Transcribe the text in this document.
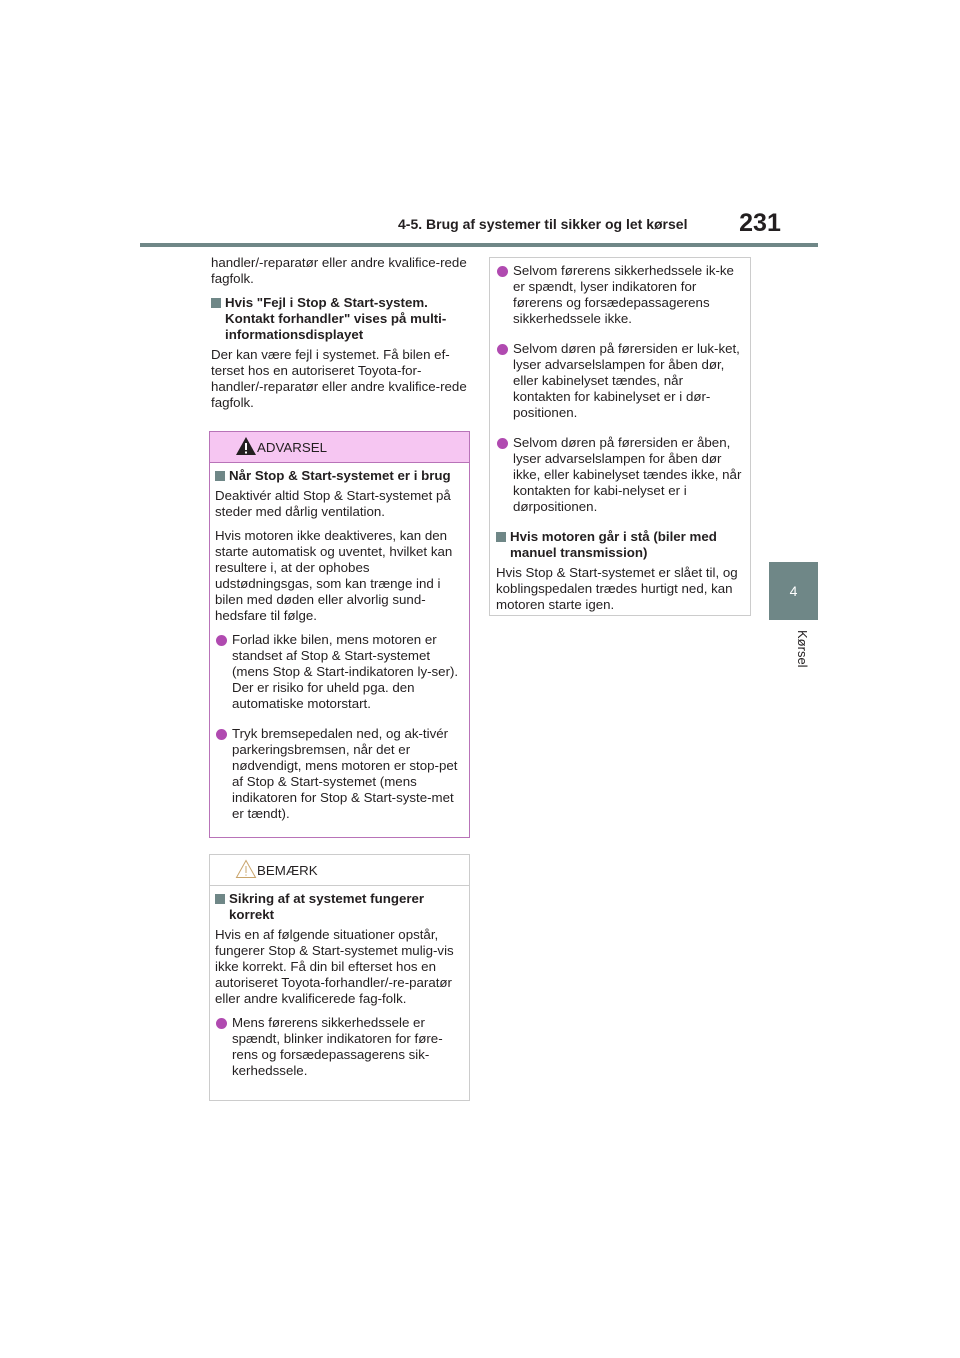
4-5. Brug af systemer til sikker og let kørsel	231
4
Kørsel

handler/-reparatør eller andre kvalifice-rede fagfolk.

Hvis "Fejl i Stop & Start-system. Kontakt forhandler" vises på multi-informationsdisplayet

Der kan være fejl i systemet. Få bilen ef-terset hos en autoriseret Toyota-for-handler/-reparatør eller andre kvalifice-rede fagfolk.

ADVARSEL
Når Stop & Start-systemet er i brug

Deaktivér altid Stop & Start-systemet på steder med dårlig ventilation.

Hvis motoren ikke deaktiveres, kan den starte automatisk og uventet, hvilket kan resultere i, at der ophobes udstødningsgas, som kan trænge ind i bilen med døden eller alvorlig sund-hedsfare til følge.

Forlad ikke bilen, mens motoren er standset af Stop & Start-systemet (mens Stop & Start-indikatoren ly-ser). Der er risiko for uheld pga. den automatiske motorstart.
Tryk bremsepedalen ned, og ak-tivér parkeringsbremsen, når det er nødvendigt, mens motoren er stop-pet af Stop & Start-systemet (mens indikatoren for Stop & Start-syste-met er tændt).
BEMÆRK
Sikring af at systemet fungerer korrekt

Hvis en af følgende situationer opstår, fungerer Stop & Start-systemet mulig-vis ikke korrekt. Få din bil efterset hos en autoriseret Toyota-forhandler/-re-paratør eller andre kvalificerede fag-folk.

Mens førerens sikkerhedssele er spændt, blinker indikatoren for føre-rens og forsædepassagerens sik-kerhedssele.
Selvom førerens sikkerhedssele ik-ke er spændt, lyser indikatoren for førerens og forsædepassagerens sikkerhedssele ikke.
Selvom døren på førersiden er luk-ket, lyser advarselslampen for åben dør, eller kabinelyset tændes, når kontakten for kabinelyset er i dør-positionen.
Selvom døren på førersiden er åben, lyser advarselslampen for åben dør ikke, eller kabinelyset tændes ikke, når kontakten for kabi-nelyset er i dørpositionen.
Hvis motoren går i stå (biler med manuel transmission)

Hvis Stop & Start-systemet er slået til, og koblingspedalen trædes hurtigt ned, kan motoren starte igen.
